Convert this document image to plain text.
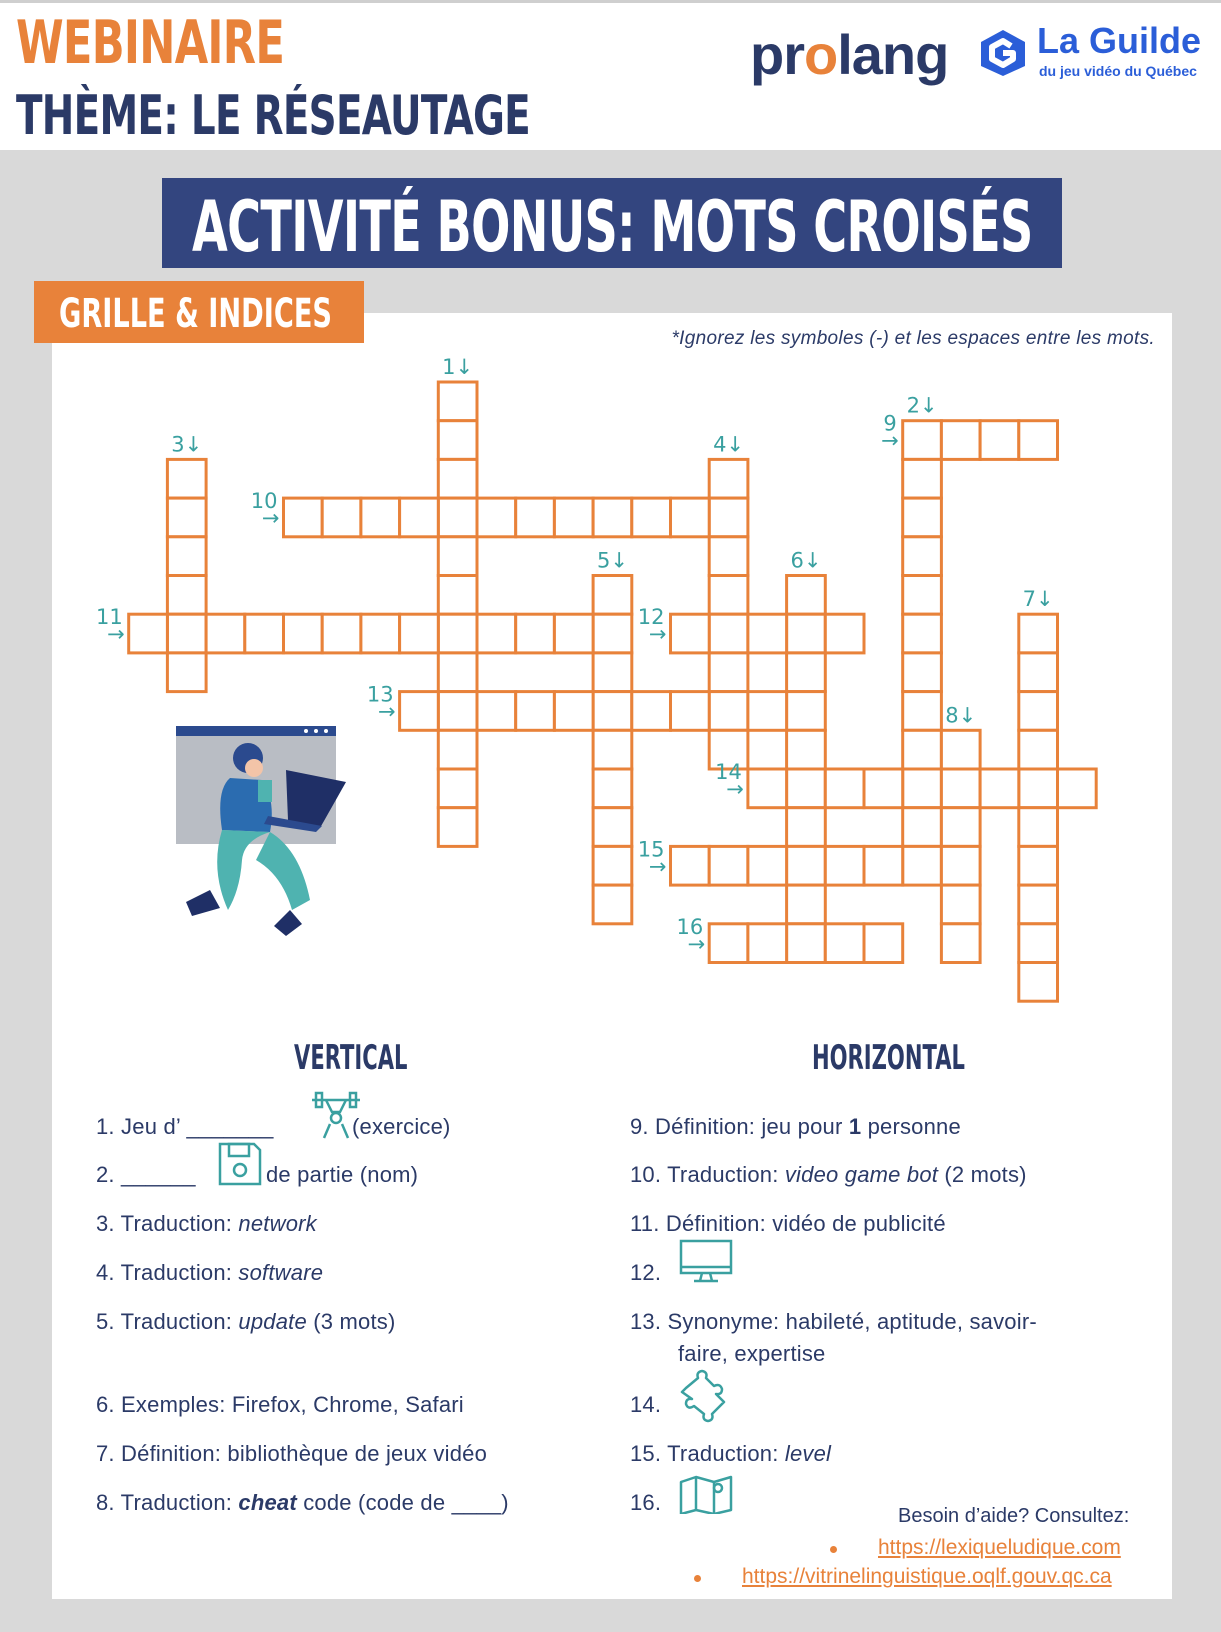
WEBINAIRE
THÈME: LE RÉSEAUTAGE
prolang La Guilde
du jeu vidéo du Québec
ACTIVITÉ BONUS: MOTS CROISÉS
GRILLE & INDICES
*Ignorez les symboles (-) et les espaces entre les mots.
1↓
2↓
3↓	4↓
5↓	6↓
7↓
8↓
→
9
→
10
→
11
→
12
→
13
→
14
→
15
→
16
VERTICAL	HORIZONTAL
1. Jeu d’ _______	(exercice)
2. ______	de partie (nom)
3. Traduction: network
4. Traduction: software
5. Traduction: update (3 mots)
6. Exemples: Firefox, Chrome, Safari
7. Définition: bibliothèque de jeux vidéo
8. Traduction: cheat code (code de ____)
9. Définition: jeu pour 1 personne
10. Traduction: video game bot (2 mots)
11. Définition: vidéo de publicité
12.
13. Synonyme: habileté, aptitude, savoir-
faire, expertise
14.
15. Traduction: level
16.
Besoin d’aide? Consultez:
https://lexiqueludique.com
https://vitrinelinguistique.oqlf.gouv.qc.ca
